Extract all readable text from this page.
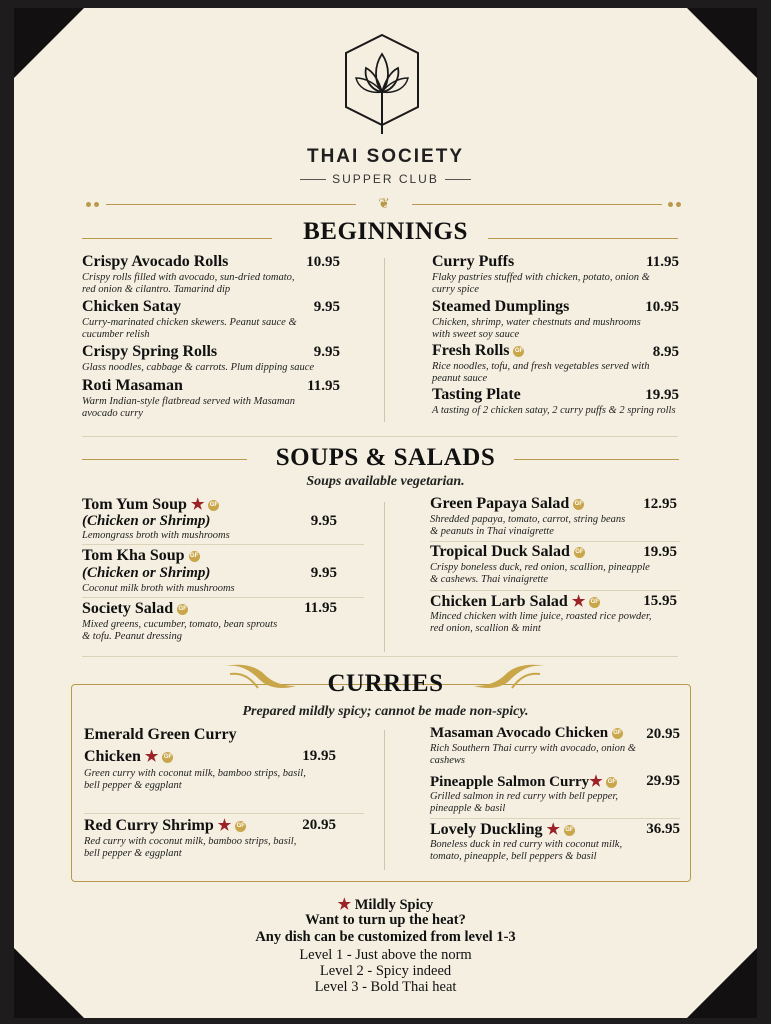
THAI SOCIETY
SUPPER CLUB
❦
BEGINNINGS
Crispy Avocado Rolls	10.95
Crispy rolls filled with avocado, sun-dried tomato,
red onion & cilantro. Tamarind dip
Chicken Satay	9.95
Curry-marinated chicken skewers. Peanut sauce &
cucumber relish
Crispy Spring Rolls	9.95
Glass noodles, cabbage & carrots. Plum dipping sauce
Roti Masaman	11.95
Warm Indian-style flatbread served with Masaman
avocado curry
Curry Puffs	11.95
Flaky pastries stuffed with chicken, potato, onion &
curry spice
Steamed Dumplings	10.95
Chicken, shrimp, water chestnuts and mushrooms
with sweet soy sauce
Fresh Rolls GF	8.95
Rice noodles, tofu, and fresh vegetables served with
peanut sauce
Tasting Plate	19.95
A tasting of 2 chicken satay, 2 curry puffs & 2 spring rolls
SOUPS & SALADS
Soups available vegetarian.
Tom Yum Soup ★ GF
(Chicken or Shrimp)	9.95
Lemongrass broth with mushrooms
Tom Kha Soup GF
(Chicken or Shrimp)	9.95
Coconut milk broth with mushrooms
Society Salad GF	11.95
Mixed greens, cucumber, tomato, bean sprouts
& tofu. Peanut dressing
Green Papaya Salad GF	12.95
Shredded papaya, tomato, carrot, string beans
& peanuts in Thai vinaigrette
Tropical Duck Salad GF	19.95
Crispy boneless duck, red onion, scallion, pineapple
& cashews. Thai vinaigrette
Chicken Larb Salad ★ GF	15.95
Minced chicken with lime juice, roasted rice powder,
red onion, scallion & mint
CURRIES
Prepared mildly spicy; cannot be made non-spicy.
Emerald Green Curry
Chicken ★ GF	19.95
Green curry with coconut milk, bamboo strips, basil,
bell pepper & eggplant
Red Curry Shrimp ★ GF	20.95
Red curry with coconut milk, bamboo strips, basil,
bell pepper & eggplant
Masaman Avocado Chicken GF	20.95
Rich Southern Thai curry with avocado, onion &
cashews
Pineapple Salmon Curry★ GF	29.95
Grilled salmon in red curry with bell pepper,
pineapple & basil
Lovely Duckling ★ GF	36.95
Boneless duck in red curry with coconut milk,
tomato, pineapple, bell peppers & basil
★ Mildly Spicy
Want to turn up the heat?
Any dish can be customized from level 1-3
Level 1 - Just above the norm
Level 2 - Spicy indeed
Level 3 - Bold Thai heat
